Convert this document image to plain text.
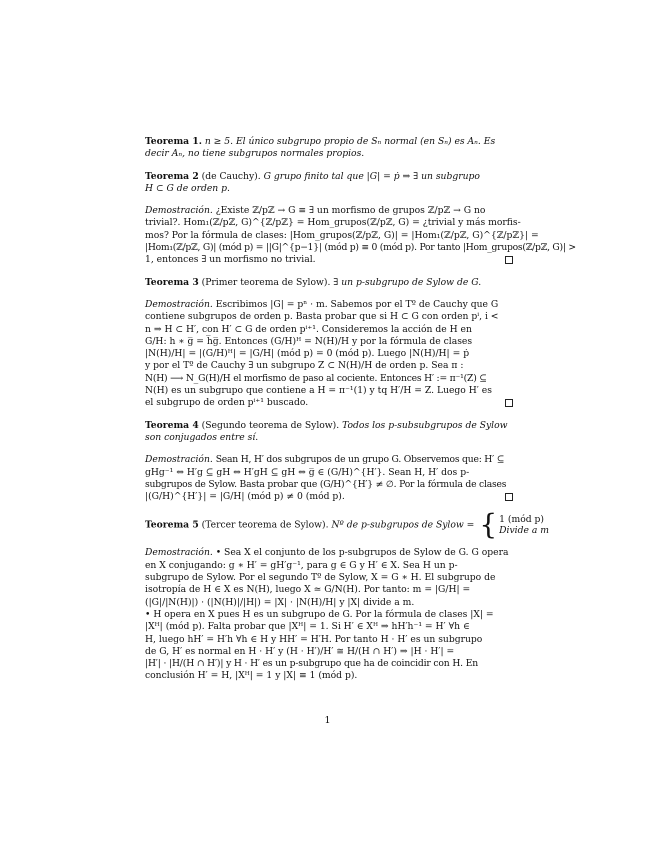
Teorema 1. n ≥ 5. El único subgrupo propio de Sₙ normal (en Sₙ) es Aₙ. Es
decir Aₙ, no tiene subgrupos normales propios.
Teorema 2 (de Cauchy). G grupo finito tal que |G| = ṗ ⇒ ∃ un subgrupo
H ⊂ G de orden p.
Demostración. ¿Existe ℤ/pℤ → G ≡ ∃ un morfismo de grupos ℤ/pℤ → G no
trivial?. Hom₁(ℤ/pℤ, G)^{ℤ/pℤ} = Hom_grupos(ℤ/pℤ, G) = ¿trivial y más morfis-
mos? Por la fórmula de clases: |Hom_grupos(ℤ/pℤ, G)| = |Hom₁(ℤ/pℤ, G)^{ℤ/pℤ}| =
|Hom₁(ℤ/pℤ, G)| (mód p) = ||G|^{p−1}| (mód p) ≡ 0 (mód p). Por tanto |Hom_grupos(ℤ/pℤ, G)| >
1, entonces ∃ un morfismo no trivial.
Teorema 3 (Primer teorema de Sylow). ∃ un p-subgrupo de Sylow de G.
Demostración. Escribimos |G| = pⁿ · m. Sabemos por el Tº de Cauchy que G
contiene subgrupos de orden p. Basta probar que si H ⊂ G con orden pⁱ, i <
n ⇒ H ⊂ H′, con H′ ⊂ G de orden pⁱ⁺¹. Consideremos la acción de H en
G/H: h ∗ g̅ = h̅g̅. Entonces (G/H)ᴴ = N(H)/H y por la fórmula de clases
|N(H)/H| = |(G/H)ᴴ| = |G/H| (mód p) = 0 (mód p). Luego |N(H)/H| = ṗ
y por el Tº de Cauchy ∃ un subgrupo Z ⊂ N(H)/H de orden p. Sea π :
N(H) ⟶ N_G(H)/H el morfismo de paso al cociente. Entonces H′ := π⁻¹(Z) ⊆
N(H) es un subgrupo que contiene a H = π⁻¹(1) y tq H′/H = Z. Luego H′ es
el subgrupo de orden pⁱ⁺¹ buscado.
Teorema 4 (Segundo teorema de Sylow). Todos los p-subsubgrupos de Sylow
son conjugados entre sí.
Demostración. Sean H, H′ dos subgrupos de un grupo G. Observemos que: H′ ⊆
gHg⁻¹ ⇔ H′g ⊆ gH ⇔ H′gH ⊆ gH ⇔ g̅ ∈ (G/H)^{H′}. Sean H, H′ dos p-
subgrupos de Sylow. Basta probar que (G/H)^{H′} ≠ ∅. Por la fórmula de clases
|(G/H)^{H′}| = |G/H| (mód p) ≠ 0 (mód p).
Teorema 5 (Tercer teorema de Sylow). Nº de p-subgrupos de Sylow = { 1 (mód p)
Divide a m
Demostración. • Sea X el conjunto de los p-subgrupos de Sylow de G. G opera
en X conjugando: g ∗ H′ = gH′g⁻¹, para g ∈ G y H′ ∈ X. Sea H un p-
subgrupo de Sylow. Por el segundo Tº de Sylow, X = G ∗ H. El subgrupo de
isotropía de H ∈ X es N(H), luego X ≃ G/N(H). Por tanto: m = |G/H| =
(|G|/|N(H)|) · (|N(H)|/|H|) = |X| · |N(H)/H| y |X| divide a m.
• H opera en X pues H es un subgrupo de G. Por la fórmula de clases |X| =
|Xᴴ| (mód p). Falta probar que |Xᴴ| = 1. Si H′ ∈ Xᴴ ⇒ hH′h⁻¹ = H′ ∀h ∈
H, luego hH′ = H′h ∀h ∈ H y HH′ = H′H. Por tanto H · H′ es un subgrupo
de G, H′ es normal en H · H′ y (H · H′)/H′ ≅ H/(H ∩ H′) ⇒ |H · H′| =
|H′| · |H/(H ∩ H′)| y H · H′ es un p-subgrupo que ha de coincidir con H. En
conclusión H′ = H, |Xᴴ| = 1 y |X| ≡ 1 (mód p).
1
